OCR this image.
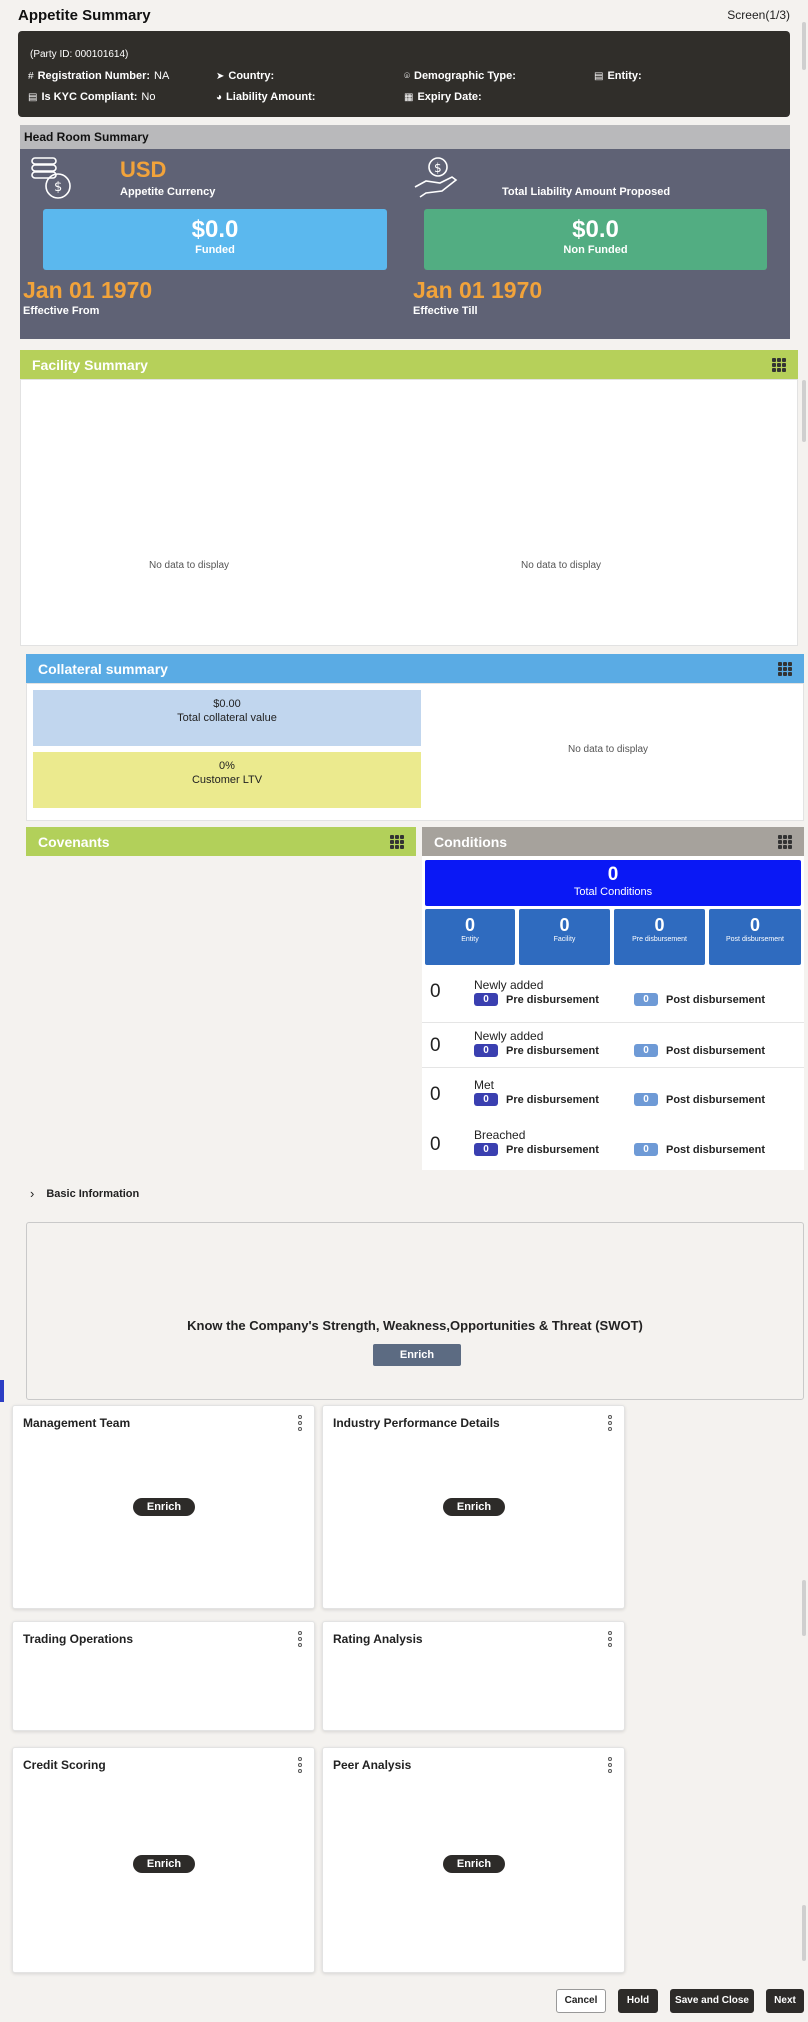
Appetite Summary	Screen(1/3)
(Party ID: 000101614)
# Registration Number: NA	➤ Country:	⌾ Demographic Type:	▤ Entity:
▤ Is KYC Compliant: No	◕ Liability Amount:	▦ Expiry Date:
Head Room Summary
$
USD
Appetite Currency
$
Total Liability Amount Proposed
$0.0
Funded
$0.0
Non Funded
Jan 01 1970
Effective From
Jan 01 1970
Effective Till
Facility Summary
No data to display	No data to display
Collateral summary
$0.00
Total collateral value
0%
Customer LTV
No data to display
Covenants	Conditions
0
Total Conditions
0
Entity
0
Facility
0
Pre disbursement
0
Post disbursement
0	Newly added
0	Pre disbursement	0	Post disbursement
0	Newly added
0	Pre disbursement	0	Post disbursement
0	Met
0	Pre disbursement	0	Post disbursement
0	Breached
0	Pre disbursement	0	Post disbursement
› Basic Information
Know the Company's Strength, Weakness,Opportunities & Threat (SWOT)
Enrich
Management Team
Enrich
Industry Performance Details
Enrich
Trading Operations	Rating Analysis
Credit Scoring
Enrich
Peer Analysis
Enrich
Cancel	Hold	Save and Close	Next
